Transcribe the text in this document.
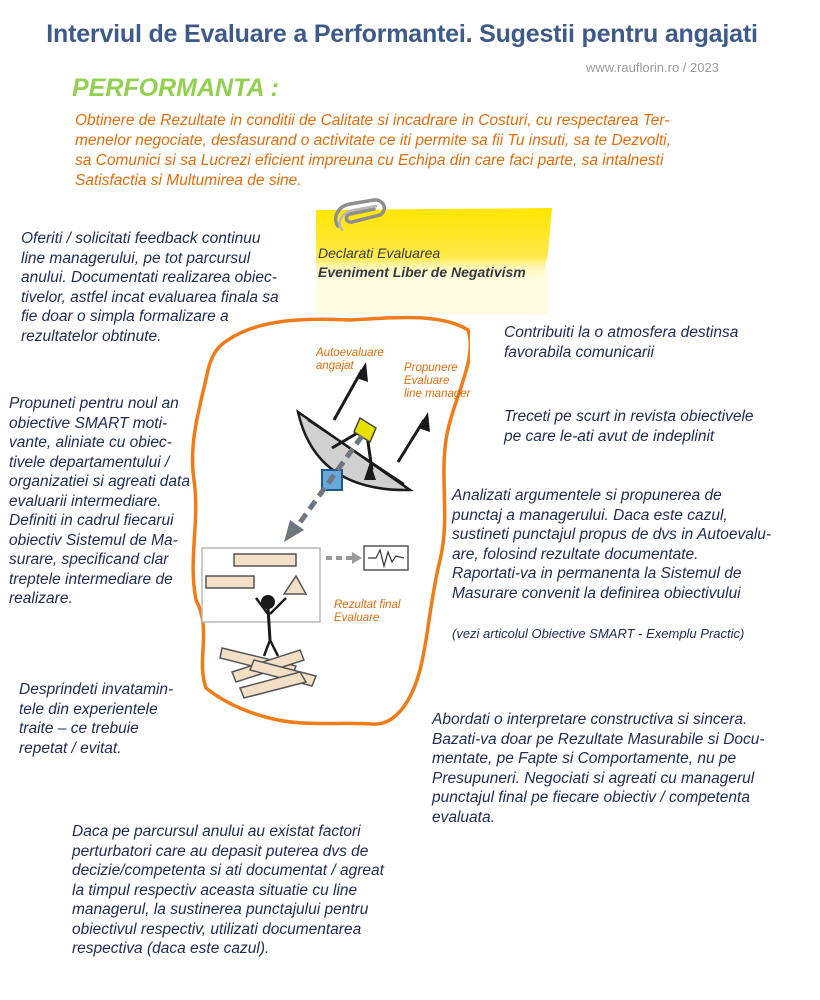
Interviul de Evaluare a Performantei. Sugestii pentru angajati
www.rauflorin.ro / 2023
PERFORMANTA :
Obtinere de Rezultate in conditii de Calitate si incadrare in Costuri, cu respectarea Ter-
menelor negociate, desfasurand o activitate ce iti permite sa fii Tu insuti, sa te Dezvolti,
sa Comunici si sa Lucrezi eficient impreuna cu Echipa din care faci parte, sa intalnesti
Satisfactia si Multumirea de sine.
Declarati Evaluarea
Eveniment Liber de Negativism
Autoevaluare
angajat	Propunere
Evaluare
line manager
Rezultat final
Evaluare
Oferiti / solicitati feedback continuu
line managerului, pe tot parcursul
anului. Documentati realizarea obiec-
tivelor, astfel incat evaluarea finala sa
fie doar o simpla formalizare a
rezultatelor obtinute.
Propuneti pentru noul an
obiective SMART moti-
vante, aliniate cu obiec-
tivele departamentului /
organizatiei si agreati data
evaluarii intermediare.
Definiti in cadrul fiecarui
obiectiv Sistemul de Ma-
surare, specificand clar
treptele intermediare de
realizare.
Desprindeti invatamin-
tele din experientele
traite – ce trebuie
repetat / evitat.
Daca pe parcursul anului au existat factori
perturbatori care au depasit puterea dvs de
decizie/competenta si ati documentat / agreat
la timpul respectiv aceasta situatie cu line
managerul, la sustinerea punctajului pentru
obiectivul respectiv, utilizati documentarea
respectiva (daca este cazul).
Contribuiti la o atmosfera destinsa
favorabila comunicarii
Treceti pe scurt in revista obiectivele
pe care le-ati avut de indeplinit
Analizati argumentele si propunerea de
punctaj a managerului. Daca este cazul,
sustineti punctajul propus de dvs in Autoevalu-
are, folosind rezultate documentate.
Raportati-va in permanenta la Sistemul de
Masurare convenit la definirea obiectivului
(vezi articolul Obiective SMART - Exemplu Practic)
Abordati o interpretare constructiva si sincera.
Bazati-va doar pe Rezultate Masurabile si Docu-
mentate, pe Fapte si Comportamente, nu pe
Presupuneri. Negociati si agreati cu managerul
punctajul final pe fiecare obiectiv / competenta
evaluata.
